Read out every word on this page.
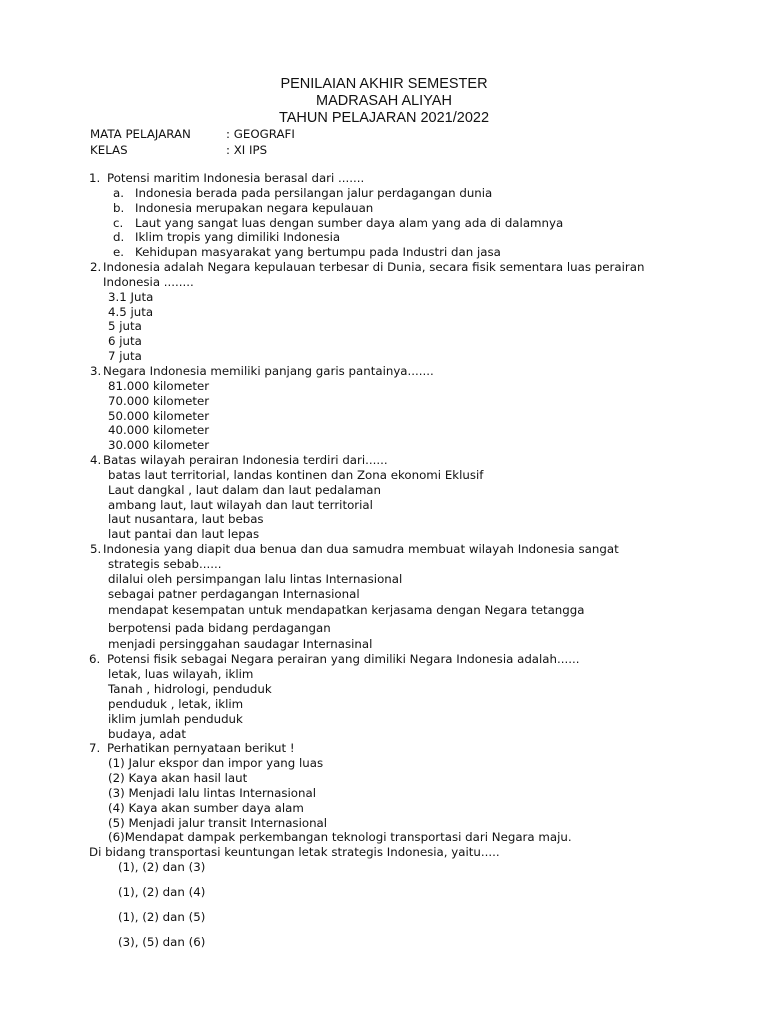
PENILAIAN AKHIR SEMESTER
MADRASAH ALIYAH
TAHUN PELAJARAN 2021/2022
MATA PELAJARAN	: GEOGRAFI
KELAS	: XI IPS
1. Potensi maritim Indonesia berasal dari .......
a. Indonesia berada pada persilangan jalur perdagangan dunia
b. Indonesia merupakan negara kepulauan
c. Laut yang sangat luas dengan sumber daya alam yang ada di dalamnya
d. Iklim tropis yang dimiliki Indonesia
e. Kehidupan masyarakat yang bertumpu pada Industri dan jasa
2. Indonesia adalah Negara kepulauan terbesar di Dunia, secara fisik sementara luas perairan
Indonesia ........
3.1 Juta
4.5 juta
5 juta
6 juta
7 juta
3. Negara Indonesia memiliki panjang garis pantainya.......
81.000 kilometer
70.000 kilometer
50.000 kilometer
40.000 kilometer
30.000 kilometer
4. Batas wilayah perairan Indonesia terdiri dari......
batas laut territorial, landas kontinen dan Zona ekonomi Eklusif
Laut dangkal , laut dalam dan laut pedalaman
ambang laut, laut wilayah dan laut territorial
laut nusantara, laut bebas
laut pantai dan laut lepas
5. Indonesia yang diapit dua benua dan dua samudra membuat wilayah Indonesia sangat
strategis sebab......
dilalui oleh persimpangan lalu lintas Internasional
sebagai patner perdagangan Internasional
mendapat kesempatan untuk mendapatkan kerjasama dengan Negara tetangga
berpotensi pada bidang perdagangan
menjadi persinggahan saudagar Internasinal
6. Potensi fisik sebagai Negara perairan yang dimiliki Negara Indonesia adalah......
letak, luas wilayah, iklim
Tanah , hidrologi, penduduk
penduduk , letak, iklim
iklim jumlah penduduk
budaya, adat
7. Perhatikan pernyataan berikut !
(1) Jalur ekspor dan impor yang luas
(2) Kaya akan hasil laut
(3) Menjadi lalu lintas Internasional
(4) Kaya akan sumber daya alam
(5) Menjadi jalur transit Internasional
(6)Mendapat dampak perkembangan teknologi transportasi dari Negara maju.
Di bidang transportasi keuntungan letak strategis Indonesia, yaitu.....
(1), (2) dan (3)
(1), (2) dan (4)
(1), (2) dan (5)
(3), (5) dan (6)
